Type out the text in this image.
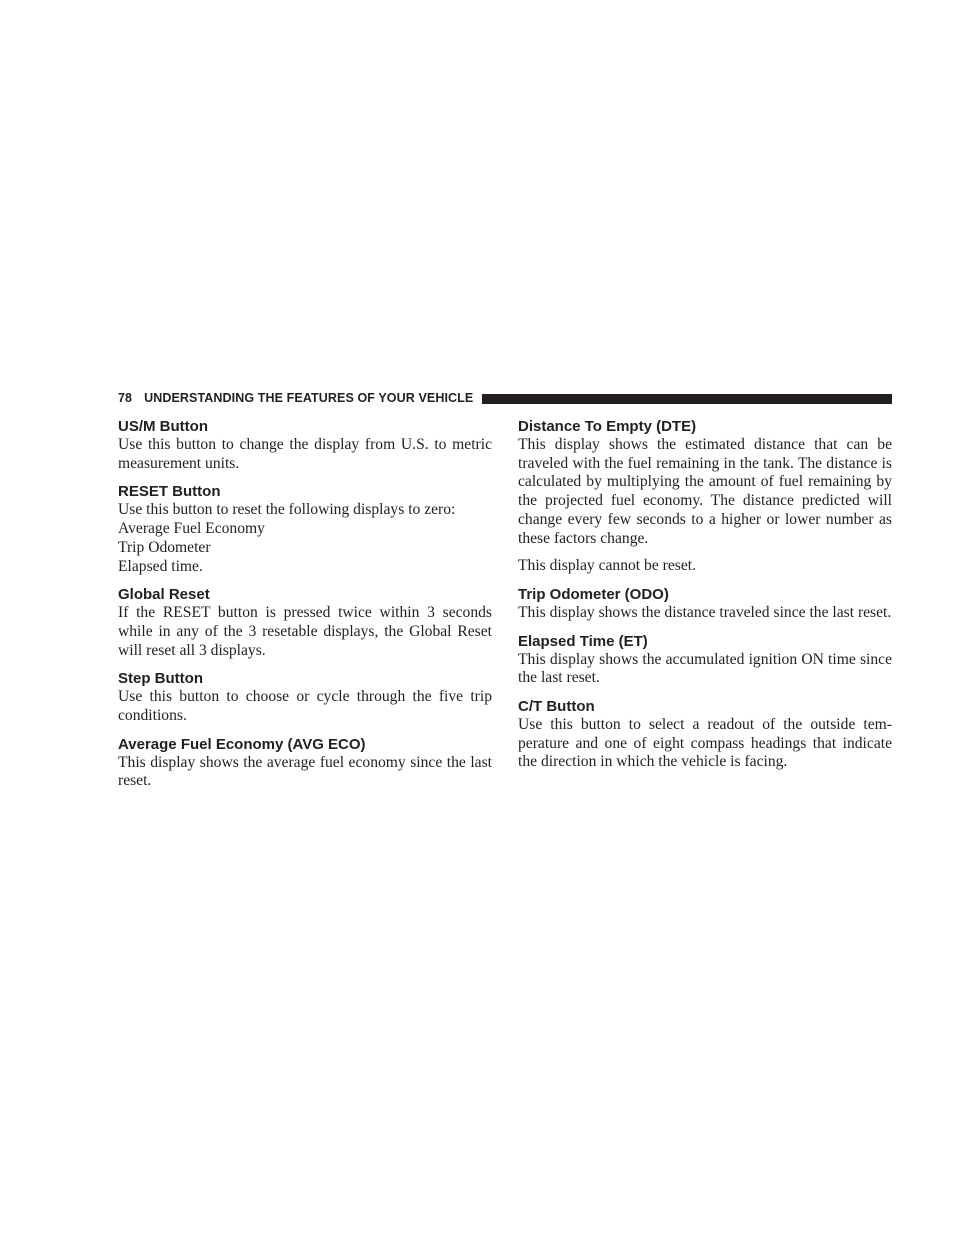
78 UNDERSTANDING THE FEATURES OF YOUR VEHICLE
US/M Button

Use this button to change the display from U.S. to metric measurement units.

RESET Button
Use this button to reset the following displays to zero:
Average Fuel Economy
Trip Odometer
Elapsed time.
Global Reset

If the RESET button is pressed twice within 3 seconds while in any of the 3 resetable displays, the Global Reset will reset all 3 displays.

Step Button

Use this button to choose or cycle through the five trip conditions.

Average Fuel Economy (AVG ECO)

This display shows the average fuel economy since the last reset.

Distance To Empty (DTE)

This display shows the estimated distance that can be traveled with the fuel remaining in the tank. The distance is calculated by multiplying the amount of fuel remaining by the projected fuel economy. The distance predicted will change every few seconds to a higher or lower number as these factors change.

This display cannot be reset.

Trip Odometer (ODO)

This display shows the distance traveled since the last reset.

Elapsed Time (ET)

This display shows the accumulated ignition ON time since the last reset.

C/T Button

Use this button to select a readout of the outside temperature and one of eight compass headings that indicate the direction in which the vehicle is facing.
